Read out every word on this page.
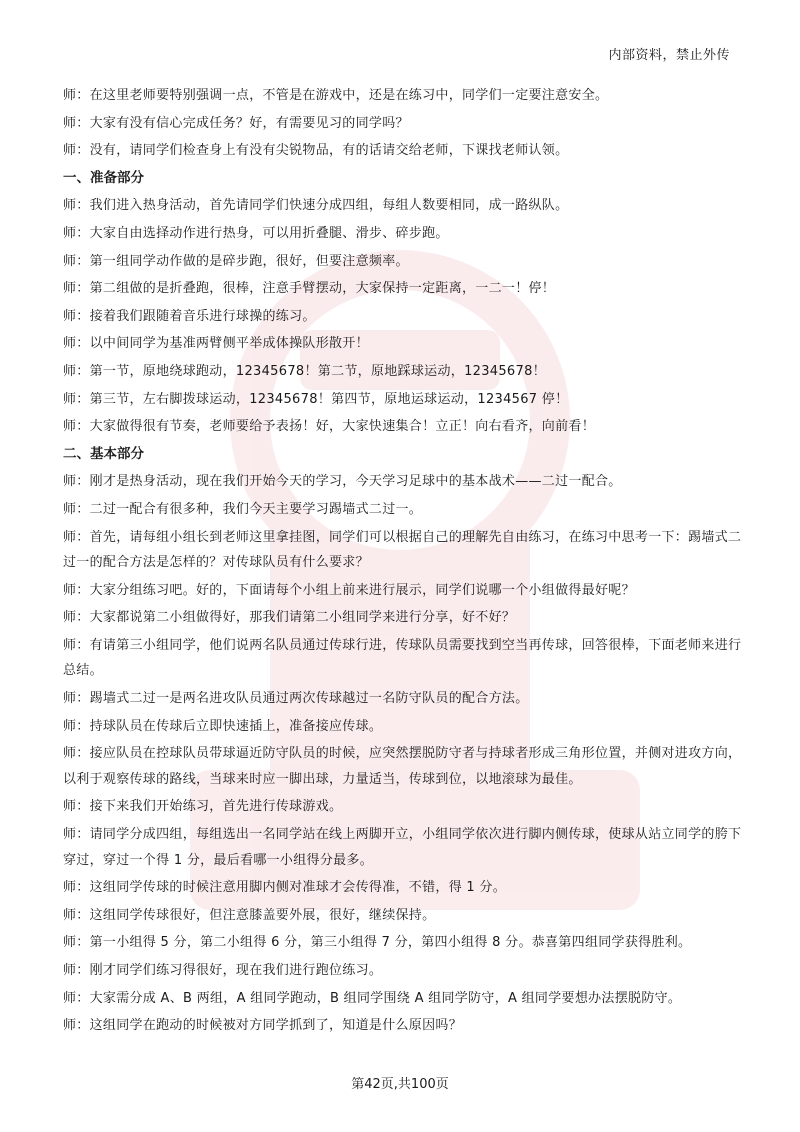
内部资料，禁止外传
师：在这里老师要特别强调一点，不管是在游戏中，还是在练习中，同学们一定要注意安全。
师：大家有没有信心完成任务？好，有需要见习的同学吗？
师：没有，请同学们检查身上有没有尖锐物品，有的话请交给老师，下课找老师认领。
一、准备部分
师：我们进入热身活动，首先请同学们快速分成四组，每组人数要相同，成一路纵队。
师：大家自由选择动作进行热身，可以用折叠腿、滑步、碎步跑。
师：第一组同学动作做的是碎步跑，很好，但要注意频率。
师：第二组做的是折叠跑，很棒，注意手臂摆动，大家保持一定距离，一二一！停！
师：接着我们跟随着音乐进行球操的练习。
师：以中间同学为基准两臂侧平举成体操队形散开！
师：第一节，原地绕球跑动，12345678！第二节，原地踩球运动，12345678！
师：第三节，左右脚拨球运动，12345678！第四节，原地运球运动，1234567 停！
师：大家做得很有节奏，老师要给予表扬！好，大家快速集合！立正！向右看齐，向前看！
二、基本部分
师：刚才是热身活动，现在我们开始今天的学习，今天学习足球中的基本战术——二过一配合。
师：二过一配合有很多种，我们今天主要学习踢墙式二过一。
师：首先，请每组小组长到老师这里拿挂图，同学们可以根据自己的理解先自由练习，在练习中思考一下：踢墙式二过一的配合方法是怎样的？对传球队员有什么要求？
师：大家分组练习吧。好的，下面请每个小组上前来进行展示，同学们说哪一个小组做得最好呢？
师：大家都说第二小组做得好，那我们请第二小组同学来进行分享，好不好？
师：有请第三小组同学，他们说两名队员通过传球行进，传球队员需要找到空当再传球，回答很棒，下面老师来进行总结。
师：踢墙式二过一是两名进攻队员通过两次传球越过一名防守队员的配合方法。
师：持球队员在传球后立即快速插上，准备接应传球。
师：接应队员在控球队员带球逼近防守队员的时候，应突然摆脱防守者与持球者形成三角形位置，并侧对进攻方向，以利于观察传球的路线，当球来时应一脚出球，力量适当，传球到位，以地滚球为最佳。
师：接下来我们开始练习，首先进行传球游戏。
师：请同学分成四组，每组选出一名同学站在线上两脚开立，小组同学依次进行脚内侧传球，使球从站立同学的胯下穿过，穿过一个得 1 分，最后看哪一小组得分最多。
师：这组同学传球的时候注意用脚内侧对准球才会传得准，不错，得 1 分。
师：这组同学传球很好，但注意膝盖要外展，很好，继续保持。
师：第一小组得 5 分，第二小组得 6 分，第三小组得 7 分，第四小组得 8 分。恭喜第四组同学获得胜利。
师：刚才同学们练习得很好，现在我们进行跑位练习。
师：大家需分成 A、B 两组，A 组同学跑动，B 组同学围绕 A 组同学防守，A 组同学要想办法摆脱防守。
师：这组同学在跑动的时候被对方同学抓到了，知道是什么原因吗？
第42页,共100页
